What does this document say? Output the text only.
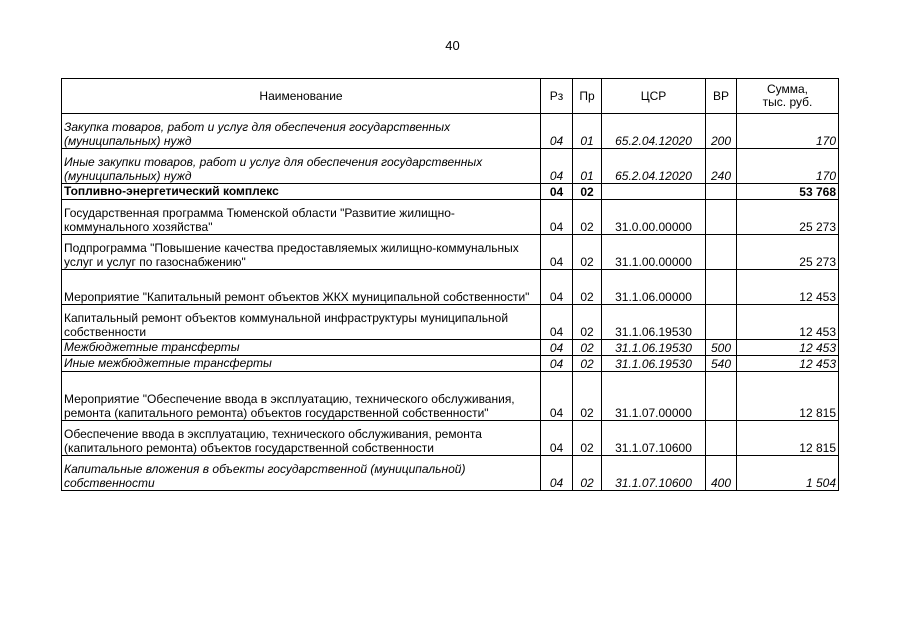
40
Наименование	Рз	Пр	ЦСР	ВР	Сумма,
тыс. руб.
Закупка товаров, работ и услуг для обеспечения государственных (муниципальных) нужд	04	01	65.2.04.12020	200	170
Иные закупки товаров, работ и услуг для обеспечения государственных (муниципальных) нужд	04	01	65.2.04.12020	240	170
Топливно-энергетический комплекс	04	02			53 768
Государственная программа Тюменской области "Развитие жилищно-коммунального хозяйства"	04	02	31.0.00.00000		25 273
Подпрограмма "Повышение качества предоставляемых жилищно-коммунальных услуг и услуг по газоснабжению"	04	02	31.1.00.00000		25 273
Мероприятие "Капитальный ремонт объектов ЖКХ муниципальной собственности"	04	02	31.1.06.00000		12 453
Капитальный ремонт объектов коммунальной инфраструктуры муниципальной собственности	04	02	31.1.06.19530		12 453
Межбюджетные трансферты	04	02	31.1.06.19530	500	12 453
Иные межбюджетные трансферты	04	02	31.1.06.19530	540	12 453
Мероприятие "Обеспечение ввода в эксплуатацию, технического обслуживания, ремонта (капитального ремонта) объектов государственной собственности"	04	02	31.1.07.00000		12 815
Обеспечение ввода в эксплуатацию, технического обслуживания, ремонта (капитального ремонта) объектов государственной собственности	04	02	31.1.07.10600		12 815
Капитальные вложения в объекты государственной (муниципальной) собственности	04	02	31.1.07.10600	400	1 504
